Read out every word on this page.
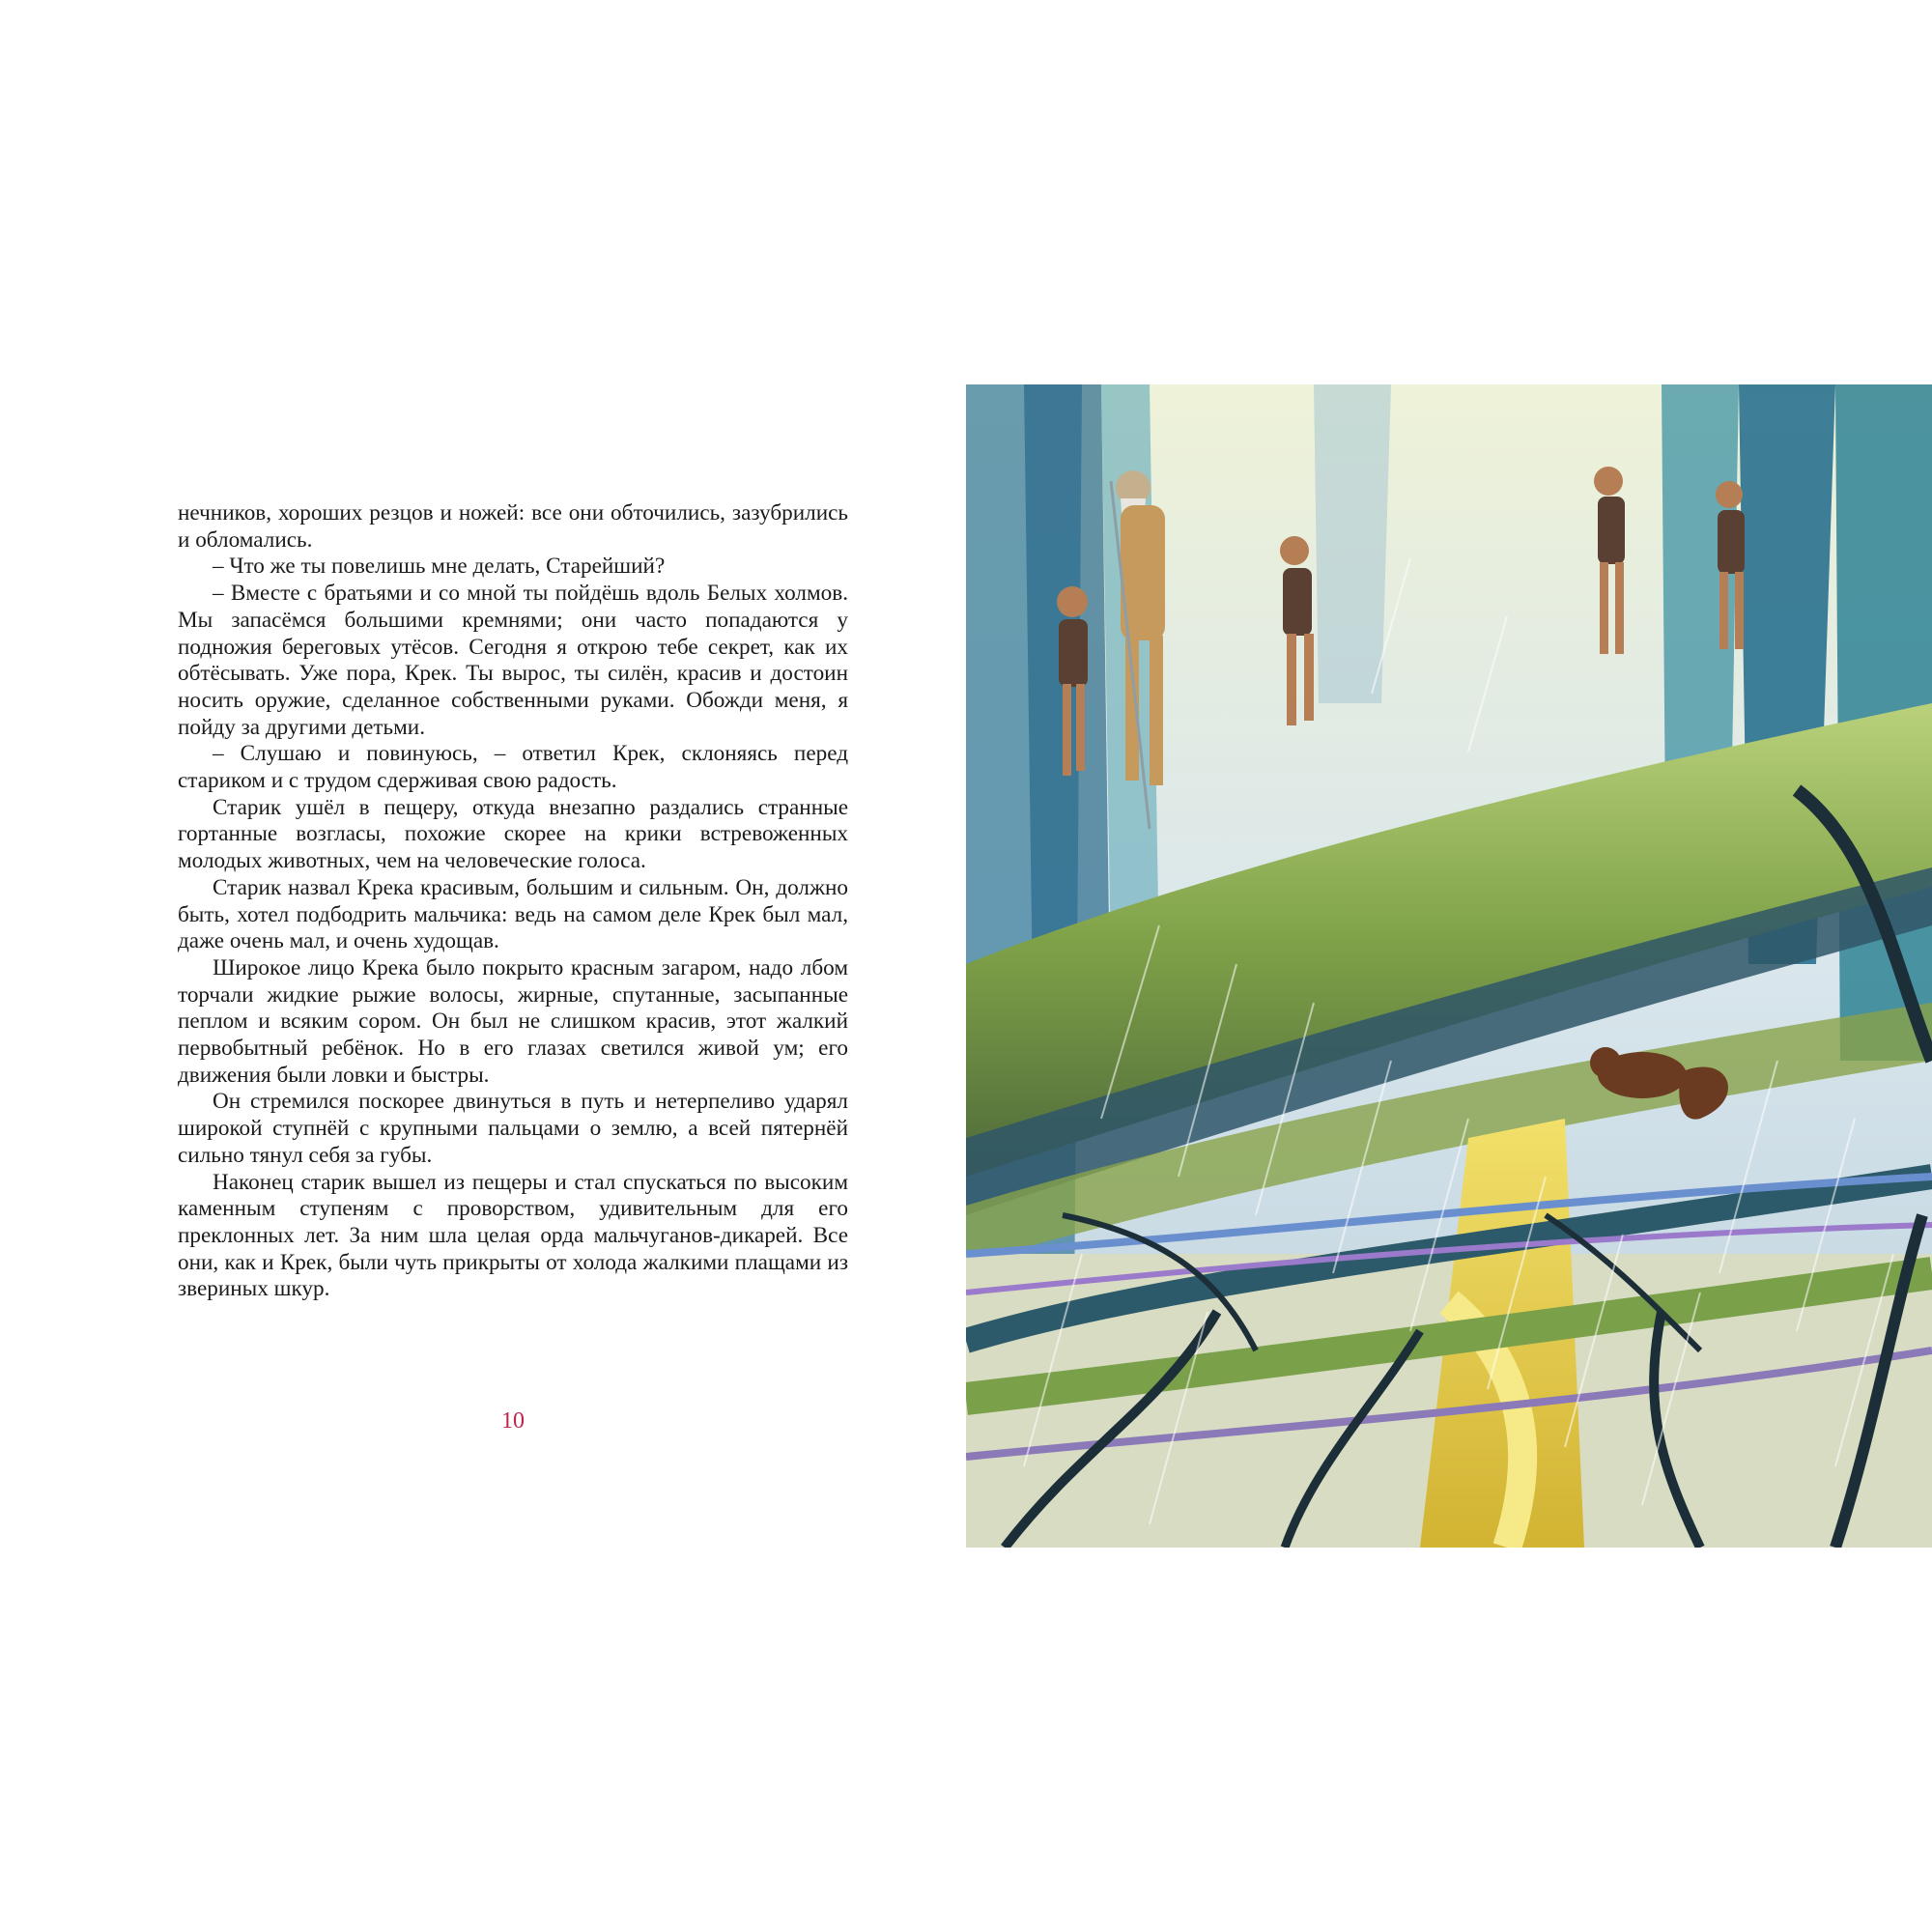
нечников, хороших резцов и ножей: все они обточились, зазубрились и обломались.

– Что же ты повелишь мне делать, Старейший?

– Вместе с братьями и со мной ты пойдёшь вдоль Белых холмов. Мы запасёмся большими кремнями; они часто попадаются у подножия береговых утёсов. Сегодня я открою тебе секрет, как их обтёсывать. Уже пора, Крек. Ты вырос, ты силён, красив и достоин носить оружие, сделанное собственными руками. Обожди меня, я пойду за другими детьми.

– Слушаю и повинуюсь, – ответил Крек, склоняясь перед стариком и с трудом сдерживая свою радость.

Старик ушёл в пещеру, откуда внезапно раздались странные гортанные возгласы, похожие скорее на крики встревоженных молодых животных, чем на человеческие голоса.

Старик назвал Крека красивым, большим и сильным. Он, должно быть, хотел подбодрить мальчика: ведь на самом деле Крек был мал, даже очень мал, и очень худощав.

Широкое лицо Крека было покрыто красным загаром, надо лбом торчали жидкие рыжие волосы, жирные, спутанные, засыпанные пеплом и всяким сором. Он был не слишком красив, этот жалкий первобытный ребёнок. Но в его глазах светился живой ум; его движения были ловки и быстры.

Он стремился поскорее двинуться в путь и нетерпеливо ударял широкой ступнёй с крупными пальцами о землю, а всей пятернёй сильно тянул себя за губы.

Наконец старик вышел из пещеры и стал спускаться по высоким каменным ступеням с проворством, удивительным для его преклонных лет. За ним шла целая орда мальчуганов-дикарей. Все они, как и Крек, были чуть прикрыты от холода жалкими плащами из звериных шкур.

10
